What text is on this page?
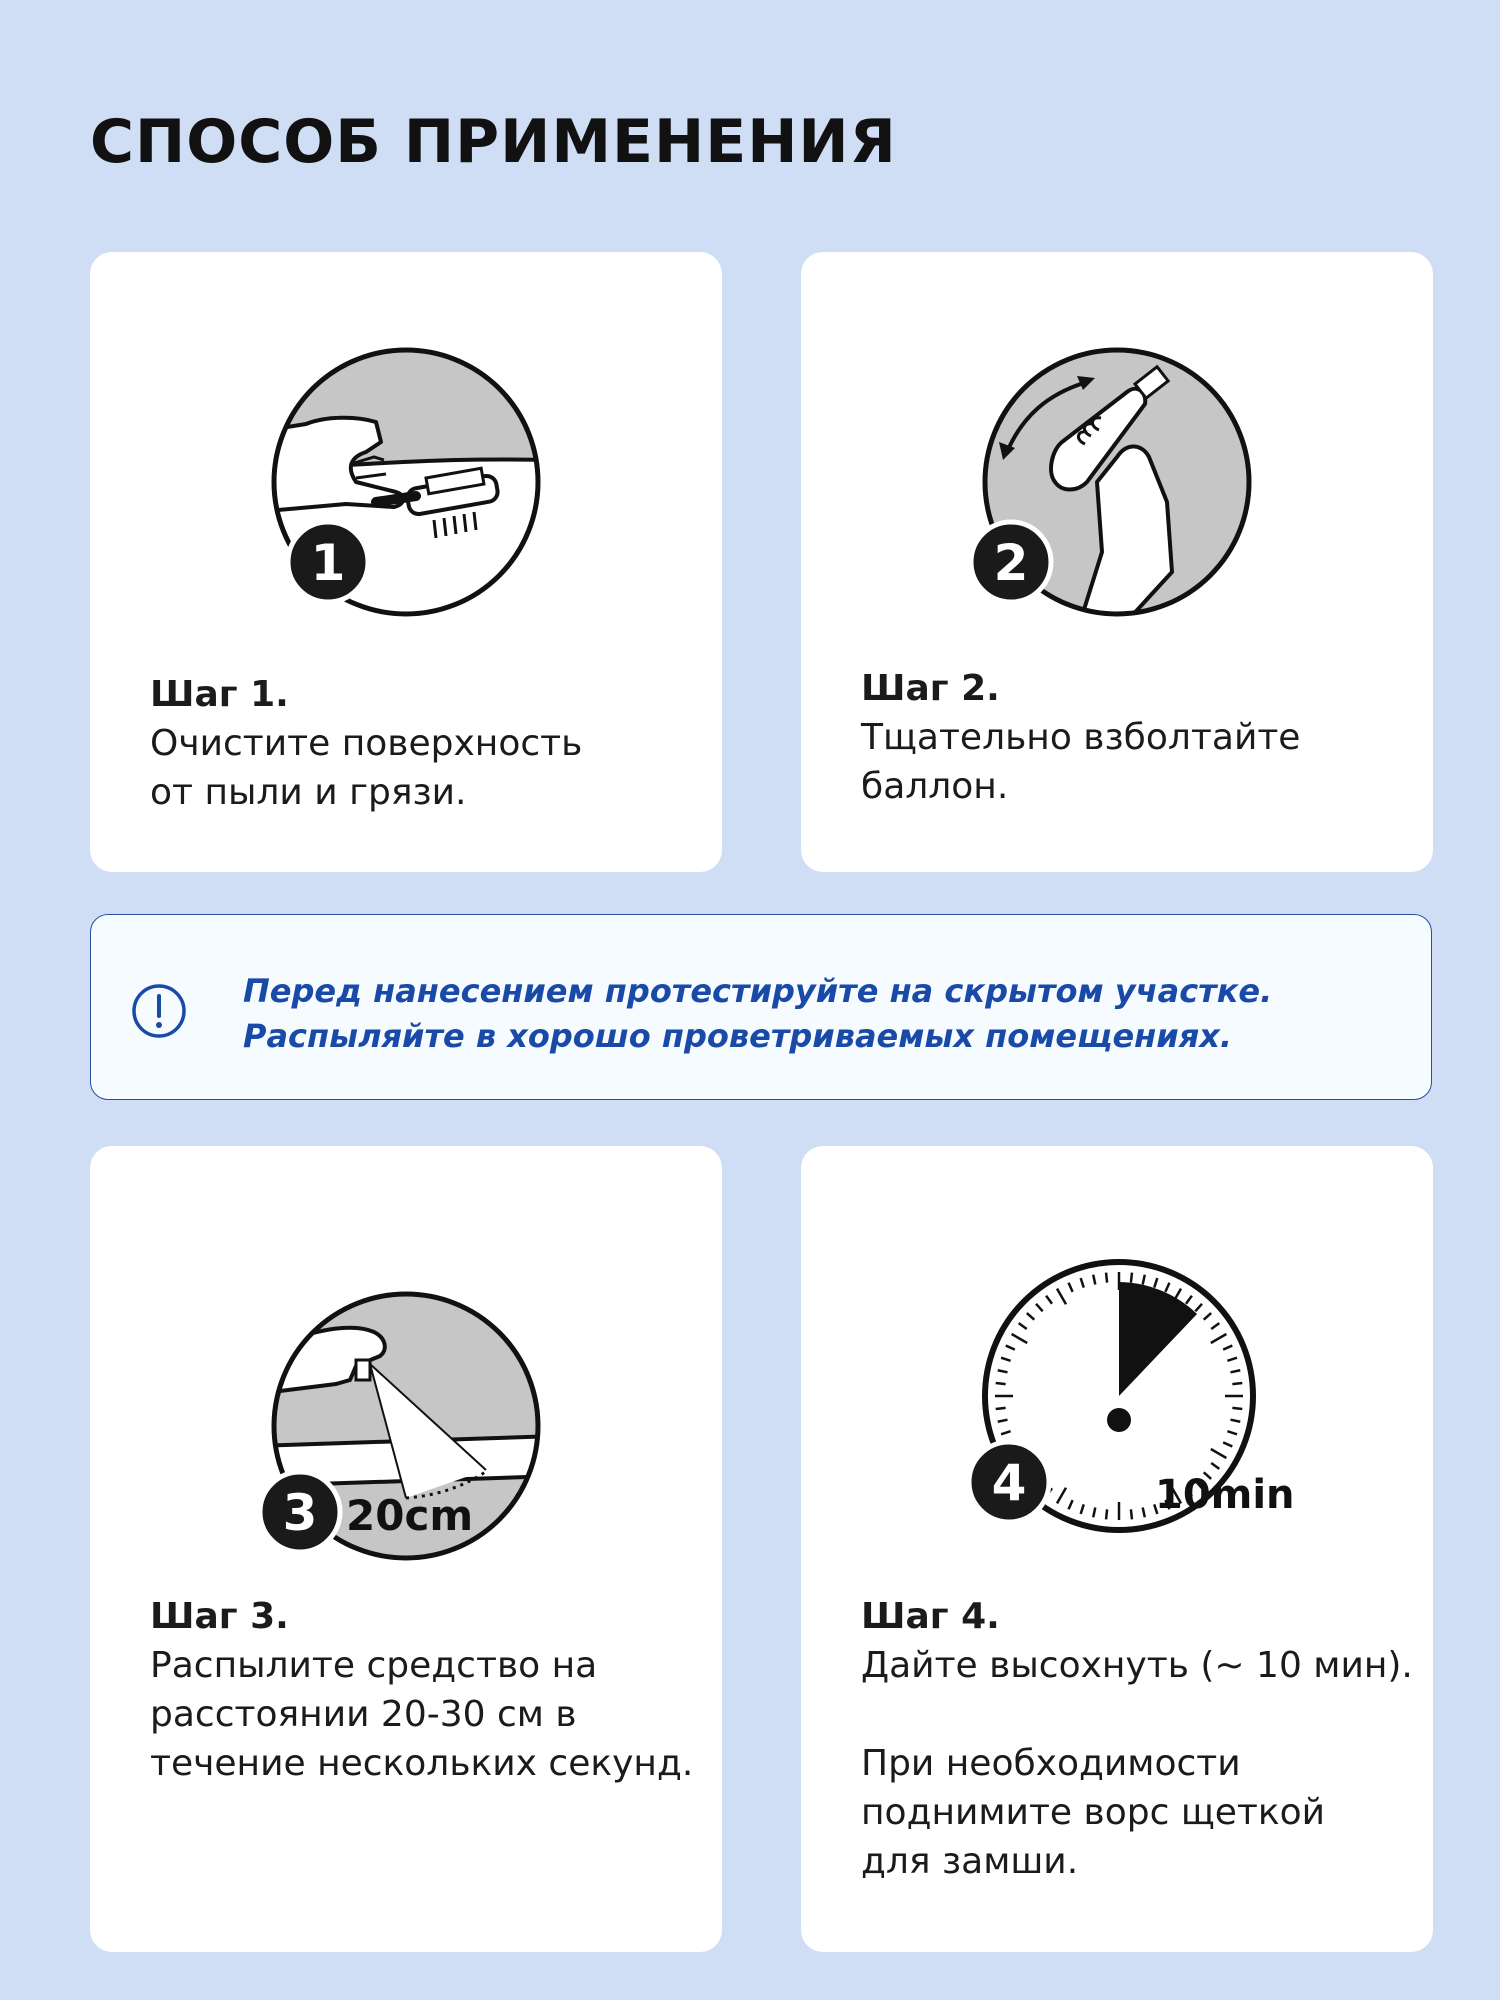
СПОСОБ ПРИМЕНЕНИЯ
1
Шаг 1.
Очистите поверхность
от пыли и грязи.
2
Шаг 2.
Тщательно взболтайте
баллон.
Перед нанесением протестируйте на скрытом участке.
Распыляйте в хорошо проветриваемых помещениях.
3 20cm
Шаг 3.
Распылите средство на
расстоянии 20-30 см в
течение нескольких секунд.
10min
4
Шаг 4.
Дайте высохнуть (~ 10 мин).

При необходимости
поднимите ворс щеткой
для замши.
